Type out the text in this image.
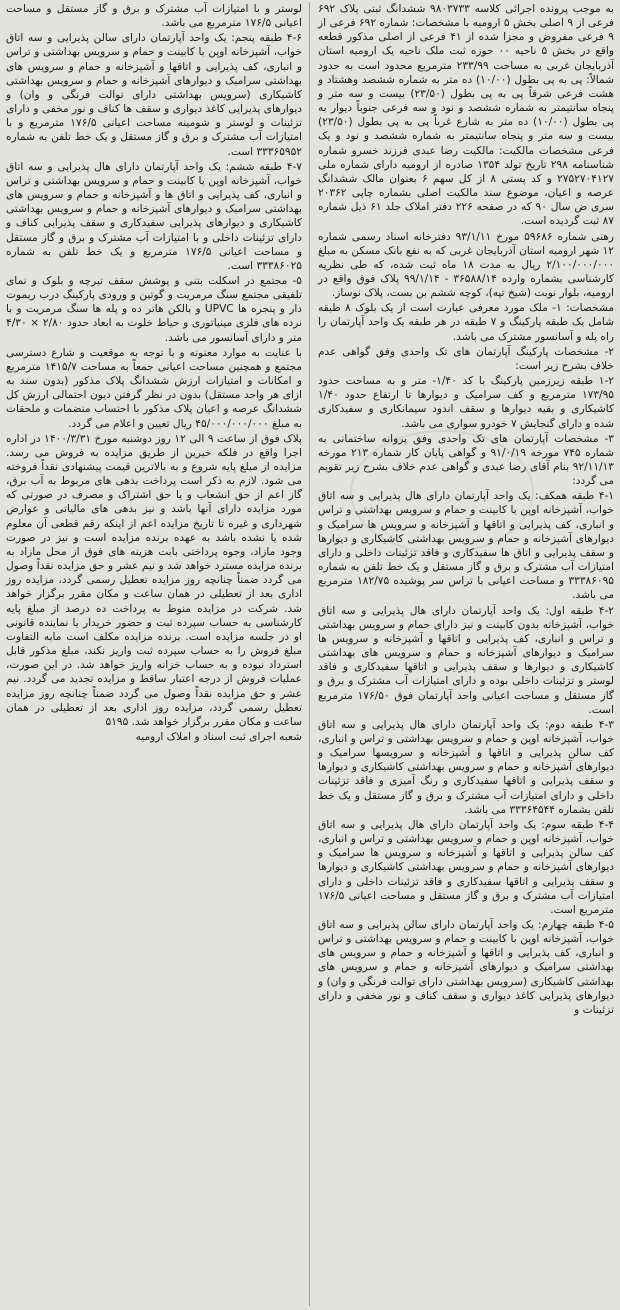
به موجب پرونده اجرائی کلاسه ۹۸۰۳۷۳۳ ششدانگ ثبتی پلاک ۶۹۲ فرعی از ۹ اصلی بخش ۵ ارومیه با مشخصات: شماره ۶۹۲ فرعی از ۹ فرعی مفروض و مجزا شده از ۴۱ فرعی از اصلی مذکور قطعه واقع در بخش ۵ ناحیه ۰۰ حوزه ثبت ملک ناحیه یک ارومیه استان آذربایجان غربی به مساحت ۲۳۳/۹۹ مترمربع محدود است به حدود شمالاً: پی به پی بطول (۱۰/۰۰) ده متر به شماره ششصد وهشتاد و هشت فرعی شرقاً پی به پی بطول (۲۳/۵۰) بیست و سه متر و پنجاه سانتیمتر به شماره ششصد و نود و سه فرعی جنوباً دیوار به پی بطول (۱۰/۰۰) ده متر به شارع غرباً پی به پی بطول (۲۳/۵۰) بیست و سه متر و پنجاه سانتیمتر به شماره ششصد و نود و یک فرعی مشخصات مالکیت: مالکیت رضا عبدی فرزند خسرو شماره شناسنامه ۲۹۸ تاریخ تولد ۱۳۵۴ صادره از ارومیه دارای شماره ملی ۲۷۵۲۷۰۴۱۲۷ و کد پستی ۸ از کل سهم ۶ بعنوان مالک ششدانگ عرصه و اعیان، موضوع سند مالکیت اصلی بشماره چاپی ۲۰۳۶۲ سری ض سال ۹۰ که در صفحه ۲۲۶ دفتر املاک جلد ۶۱ ذیل شماره ۸۷ ثبت گردیده است.

رهنی شماره ۵۹۶۸۶ مورخ ۹۳/۱/۱۱ دفترخانه اسناد رسمی شماره ۱۲ شهر ارومیه استان آذربایجان غربی که به نفع بانک مسکن به مبلغ ۲/۱۰۰/۰۰۰/۰۰۰ ریال به مدت ۱۸ ماه ثبت شده، که طی نظریه کارشناسی بشماره وارده ۳۶۵۸۸/۱۴ - ۹۹/۱/۱۴ پلاک فوق واقع در ارومیه، بلوار نوبت (شیخ تپه)، کوچه ششم بن بست، پلاک نوساز.

مشخصات: ۱- ملک مورد معرفی عبارت است از یک بلوک ۸ طبقه شامل یک طبقه پارکینگ و ۷ طبقه در هر طبقه یک واحد آپارتمان را راه پله و آسانسور مشترک می باشد.

۲- مشخصات پارکینگ آپارتمان های تک واحدی وفق گواهی عدم خلاف بشرح زیر است:

۱-۲ طبقه زیرزمین پارکینگ با کد ۱/۴۰- متر و به مساحت حدود ۱۷۳/۹۵ مترمربع و کف سرامیک و دیوارها تا ارتفاع حدود ۱/۴۰ کاشیکاری و بقیه دیوارها و سقف اندود سیمانکاری و سفیدکاری شده و دارای گنجایش ۷ خودرو سواری می باشد.

۳- مشخصات آپارتمان های تک واحدی وفق پروانه ساختمانی به شماره ۷۴۵ مورخه ۹۱/۰/۱۹ و گواهی پایان کار شماره ۲۱۳ مورخه ۹۲/۱۱/۱۳ بنام آقای رضا عبدی و گواهی عدم خلاف بشرح زیر تقویم می گردد:

۴-۱ طبقه همکف: یک واحد آپارتمان دارای هال پذیرایی و سه اتاق خواب، آشپزخانه اوپن با کابینت و حمام و سرویس بهداشتی و تراس و انباری، کف پذیرایی و اتاقها و آشپزخانه و سرویس ها سرامیک و دیوارهای آشپزخانه و حمام و سرویس بهداشتی کاشیکاری و دیوارها و سقف پذیرایی و اتاق ها سفیدکاری و فاقد تزئینات داخلی و دارای امتیازات آب مشترک و برق و گاز مستقل و یک خط تلفن به شماره ۳۳۳۸۶۰۹۵ و مساحت اعیانی با تراس سر پوشیده ۱۸۲/۷۵ مترمربع می باشد.

۴-۲ طبقه اول: یک واحد آپارتمان دارای هال پذیرایی و سه اتاق خواب، آشپزخانه بدون کابینت و نیز دارای حمام و سرویس بهداشتی و تراس و انباری، کف پذیرایی و اتاقها و آشپزخانه و سرویس ها سرامیک و دیوارهای آشپزخانه و حمام و سرویس های بهداشتی کاشیکاری و دیوارها و سقف پذیرایی و اتاقها سفیدکاری و فاقد لوستر و تزئینات داخلی بوده و دارای امتیازات آب مشترک و برق و گاز مستقل و مساحت اعیانی واحد آپارتمان فوق ۱۷۶/۵۰ مترمربع است.

۴-۳ طبقه دوم: یک واحد آپارتمان دارای هال پذیرایی و سه اتاق خواب، آشپزخانه اوپن و حمام و سرویس بهداشتی و تراس و انباری، کف سالن پذیرایی و اتاقها و آشپزخانه و سرویسها سرامیک و دیوارهای آشپزخانه و حمام و سرویس بهداشتی کاشیکاری و دیوارها و سقف پذیرایی و اتاقها سفیدکاری و رنگ آمیزی و فاقد تزئینات داخلی و دارای امتیازات آب مشترک و برق و گاز مستقل و یک خط تلفن بشماره ۳۳۳۶۴۵۴۴ می باشد.

۴-۴ طبقه سوم: یک واحد آپارتمان دارای هال پذیرایی و سه اتاق خواب، آشپزخانه اوپن و حمام و سرویس بهداشتی و تراس و انباری، کف سالن پذیرایی و اتاقها و آشپزخانه و سرویس ها سرامیک و دیوارهای آشپزخانه و حمام و سرویس بهداشتی کاشیکاری و دیوارها و سقف پذیرایی و اتاقها سفیدکاری و فاقد تزئینات داخلی و دارای امتیازات آب مشترک و برق و گاز مستقل و مساحت اعیانی ۱۷۶/۵ مترمربع است.

۴-۵ طبقه چهارم: یک واحد آپارتمان دارای سالن پذیرایی و سه اتاق خواب، آشپزخانه اوپن با کابینت و حمام و سرویس بهداشتی و تراس و انباری، کف پذیرایی و اتاقها و آشپزخانه و حمام و سرویس های بهداشتی سرامیک و دیوارهای آشپزخانه و حمام و سرویس های بهداشتی کاشیکاری (سرویس بهداشتی دارای توالت فرنگی و وان) و دیوارهای پذیرایی کاغذ دیواری و سقف کناف و نور مخفی و دارای تزئینات و

لوستر و با امتیازات آب مشترک و برق و گاز مستقل و مساحت اعیانی ۱۷۶/۵ مترمربع می باشد.

۴-۶ طبقه پنجم: یک واحد آپارتمان دارای سالن پذیرایی و سه اتاق خواب، آشپزخانه اوپن با کابینت و حمام و سرویس بهداشتی و تراس و انباری، کف پذیرایی و اتاقها و آشپزخانه و حمام و سرویس های بهداشتی سرامیک و دیوارهای آشپزخانه و حمام و سرویس بهداشتی کاشیکاری (سرویس بهداشتی دارای توالت فرنگی و وان) و دیوارهای پذیرایی کاغذ دیواری و سقف ها کناف و نور مخفی و دارای تزئینات و لوستر و شومینه مساحت اعیانی ۱۷۶/۵ مترمربع و با امتیازات آب مشترک و برق و گاز مستقل و یک خط تلفن به شماره ۳۳۳۶۵۹۵۲ است.

۴-۷ طبقه ششم: یک واحد آپارتمان دارای هال پذیرایی و سه اتاق خواب، آشپزخانه اوپن با کابینت و حمام و سرویس بهداشتی و تراس و انباری، کف پذیرایی و اتاق ها و آشپزخانه و حمام و سرویس های بهداشتی سرامیک و دیوارهای آشپزخانه و حمام و سرویس بهداشتی کاشیکاری و دیوارهای پذیرایی سفیدکاری و سقف پذیرایی کناف و دارای تزئینات داخلی و با امتیازات آب مشترک و برق و گاز مستقل و مساحت اعیانی ۱۷۶/۵ مترمربع و یک خط تلفن به شماره ۳۳۳۸۶۰۲۵ است.

۵- مجتمع در اسکلت بتنی و پوشش سقف تیرچه و بلوک و نمای تلفیقی مجتمع سنگ مرمریت و گوتین و ورودی پارکینگ درب ریموت دار و پنجره ها UPVC و بالکن هاتر ده و پله ها سنگ مرمریت و با نرده های فلزی مینیاتوری و حیاط خلوت به ابعاد حدود ۲/۸۰ × ۴/۳۰ متر و دارای آسانسور می باشد.

با عنایت به موارد معنونه و با توجه به موقعیت و شارع دسترسی مجتمع و همچنین مساحت اعیانی جمعاً به مساحت ۱۴۱۵/۷ مترمربع و امکانات و امتیازات ارزش ششدانگ پلاک مذکور (بدون سند به ازای هر واحد مستقل) بدون در نظر گرفتن دیون احتمالی ارزش کل ششدانگ عرصه و اعیان پلاک مذکور با احتساب منضمات و ملحقات به مبلغ ۴۵/۰۰۰/۰۰۰/۰۰۰ ریال تعیین و اعلام می گردد.

پلاک فوق از ساعت ۹ الی ۱۲ روز دوشنبه مورخ ۱۴۰۰/۳/۳۱ در اداره اجرا واقع در فلکه خیرین از طریق مزایده به فروش می رسد. مزایده از مبلغ پایه شروع و به بالاترین قیمت پیشنهادی نقداً فروخته می شود. لازم به ذکر است پرداخت بدهی های مربوط به آب برق، گاز اعم از حق انشعاب و یا حق اشتراک و مصرف در صورتی که مورد مزایده دارای آنها باشد و نیز بدهی های مالیاتی و عوارض شهرداری و غیره تا تاریخ مزایده اعم از اینکه رقم قطعی آن معلوم شده یا نشده باشد به عهده برنده مزایده است و نیز در صورت وجود مازاد، وجوه پرداختی بابت هزینه های فوق از محل مازاد به برنده مزایده مسترد خواهد شد و نیم عشر و حق مزایده نقداً وصول می گردد ضمناً چنانچه روز مزایده تعطیل رسمی گردد، مزایده روز اداری بعد از تعطیلی در همان ساعت و مکان مقرر برگزار خواهد شد. شرکت در مزایده منوط به پرداخت ده درصد از مبلغ پایه کارشناسی به حساب سپرده ثبت و حضور خریدار یا نماینده قانونی او در جلسه مزایده است. برنده مزایده مکلف است مابه التفاوت مبلغ فروش را به حساب سپرده ثبت واریز نکند، مبلغ مذکور قابل استرداد نبوده و به حساب خزانه واریز خواهد شد. در این صورت، عملیات فروش از درجه اعتبار ساقط و مزایده تجدید می گردد. نیم عشر و حق مزایده نقداً وصول می گردد ضمناً چنانچه روز مزایده تعطیل رسمی گردد، مزایده روز اداری بعد از تعطیلی در همان ساعت و مکان مقرر برگزار خواهد شد. ۵۱۹۵

شعبه اجرای ثبت اسناد و املاک ارومیه
